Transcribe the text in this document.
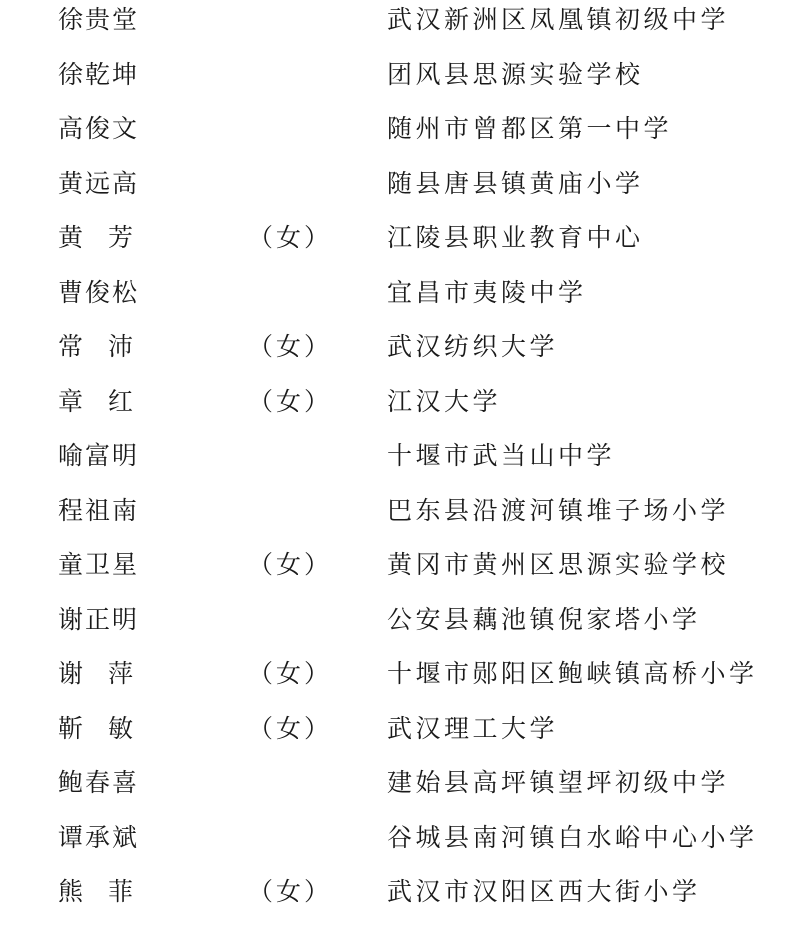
徐贵堂	武汉新洲区凤凰镇初级中学
徐乾坤	团风县思源实验学校
高俊文	随州市曾都区第一中学
黄远高	随县唐县镇黄庙小学
黄　芳	（女） 江陵县职业教育中心
曹俊松	宜昌市夷陵中学
常　沛	（女） 武汉纺织大学
章　红	（女） 江汉大学
喻富明	十堰市武当山中学
程祖南	巴东县沿渡河镇堆子场小学
童卫星	（女） 黄冈市黄州区思源实验学校
谢正明	公安县藕池镇倪家塔小学
谢　萍	（女） 十堰市郧阳区鲍峡镇高桥小学
靳　敏	（女） 武汉理工大学
鲍春喜	建始县高坪镇望坪初级中学
谭承斌	谷城县南河镇白水峪中心小学
熊　菲	（女） 武汉市汉阳区西大街小学
